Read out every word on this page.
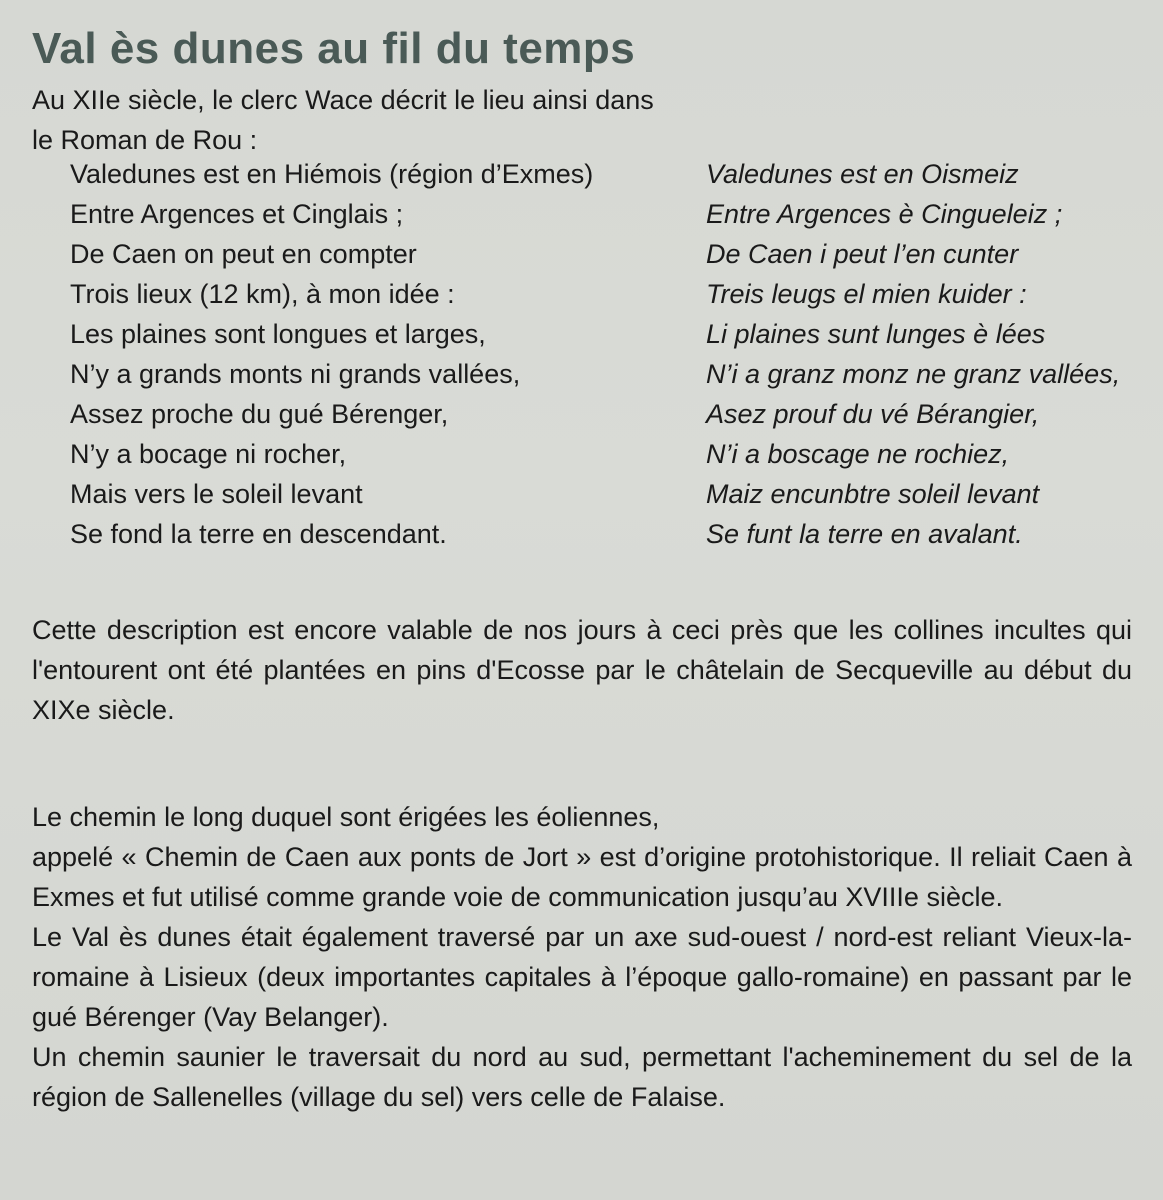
Val ès dunes au fil du temps
Au XIIe siècle, le clerc Wace décrit le lieu ainsi dans
le Roman de Rou :
Valedunes est en Hiémois (région d’Exmes)
Entre Argences et Cinglais ;
De Caen on peut en compter
Trois lieux (12 km), à mon idée :
Les plaines sont longues et larges,
N’y a grands monts ni grands vallées,
Assez proche du gué Bérenger,
N’y a bocage ni rocher,
Mais vers le soleil levant
Se fond la terre en descendant.
Valedunes est en Oismeiz
Entre Argences è Cingueleiz ;
De Caen i peut l’en cunter
Treis leugs el mien kuider :
Li plaines sunt lunges è lées
N’i a granz monz ne granz vallées,
Asez prouf du vé Bérangier,
N’i a boscage ne rochiez,
Maiz encunbtre soleil levant
Se funt la terre en avalant.
Cette description est encore valable de nos jours à ceci près que les collines incultes qui l'entourent ont été plantées en pins d'Ecosse par le châtelain de Secqueville au début du XIXe siècle.
Le chemin le long duquel sont érigées les éoliennes,
appelé « Chemin de Caen aux ponts de Jort » est d’origine protohistorique. Il reliait Caen à Exmes et fut utilisé comme grande voie de communication jusqu’au XVIIIe siècle.
Le Val ès dunes était également traversé par un axe sud-ouest / nord-est reliant Vieux-la-romaine à Lisieux (deux importantes capitales à l’époque gallo-romaine) en passant par le gué Bérenger (Vay Belanger).
Un chemin saunier le traversait du nord au sud, permettant l'acheminement du sel de la région de Sallenelles (village du sel) vers celle de Falaise.
